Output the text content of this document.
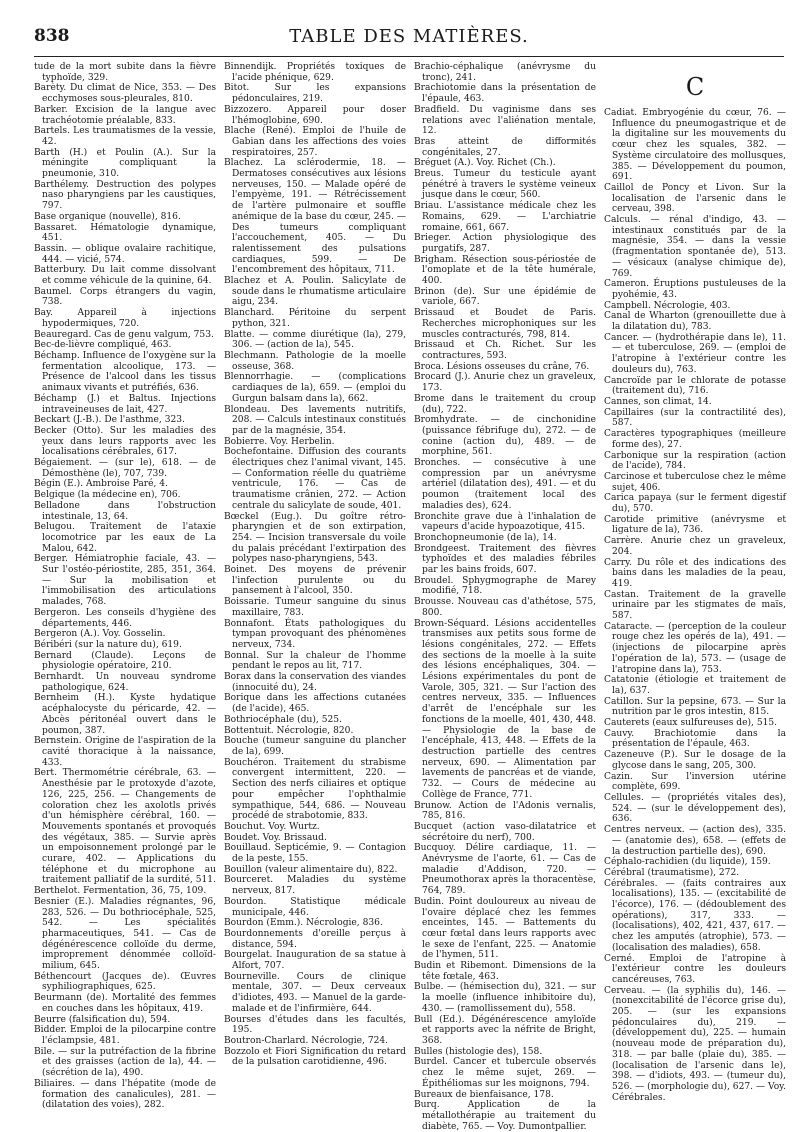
838	TABLE DES MATIÈRES.

tude de la mort subite dans la fièvre typhoïde, 329.

Barèty. Du climat de Nice, 353. — Des ecchymoses sous-pleurales, 810.

Barker. Excision de la langue avec trachéotomie préalable, 833.

Bartels. Les traumatismes de la vessie, 42.

Barth (H.) et Poulin (A.). Sur la méningite compliquant la pneumonie, 310.

Barthélemy. Destruction des polypes naso pharyngiens par les caustiques, 797.

Base organique (nouvelle), 816.

Bassaret. Hématologie dynamique, 451.

Bassin. — oblique ovalaire rachitique, 444. — vicié, 574.

Batterbury. Du lait comme dissolvant et comme véhicule de la quinine, 64.

Baumel. Corps étrangers du vagin, 738.

Bay. Appareil à injections hypodermiques, 720.

Beauregard. Cas de genu valgum, 753.

Bec-de-lièvre compliqué, 463.

Béchamp. Influence de l'oxygène sur la fermentation alcoolique, 173. — Présence de l'alcool dans les tissus animaux vivants et putréfiés, 636.

Béchamp (J.) et Baltus. Injections intraveineuses de lait, 427.

Beckart (J.-B.). De l'asthme, 323.

Becker (Otto). Sur les maladies des yeux dans leurs rapports avec les localisations cérébrales, 617.

Bégaiement. — (sur le), 618. — de Démosthène (le), 707, 739.

Bégin (E.). Ambroise Paré, 4.

Belgique (la médecine en), 706.

Belladone dans l'obstruction intestinale, 13, 64.

Belugou. Traitement de l'ataxie locomotrice par les eaux de La Malou, 642.

Berger. Hémiatrophie faciale, 43. — Sur l'ostéo-périostite, 285, 351, 364. — Sur la mobilisation et l'immobilisation des articulations malades, 768.

Bergeron. Les conseils d'hygiène des départements, 446.

Bergeron (A.). Voy. Gosselin.

Béribéri (sur la nature du), 619.

Bernard (Claude). Leçons de physiologie opératoire, 210.

Bernhardt. Un nouveau syndrome pathologique, 624.

Bernheim (H.). Kyste hydatique acéphalocyste du péricarde, 42. — Abcès péritonéal ouvert dans le poumon, 387.

Bernstein. Origine de l'aspiration de la cavité thoracique à la naissance, 433.

Bert. Thermométrie cérébrale, 63. — Anesthésie par le protoxyde d'azote, 126, 225, 256. — Changements de coloration chez les axolotls privés d'un hémisphère cérébral, 160. — Mouvements spontanés et provoqués des végétaux, 385. — Survie après un empoisonnement prolongé par le curare, 402. — Applications du téléphone et du microphone au traitement palliatif de la surdité, 511.

Berthelot. Fermentation, 36, 75, 109.

Besnier (E.). Maladies régnantes, 96, 283, 526. — Du bothriocéphale, 525, 542. — Les spécialités pharmaceutiques, 541. — Cas de dégénérescence colloïde du derme, improprement dénommée colloïd-milium, 645.

Béthencourt (Jacques de). Œuvres syphiliographiques, 625.

Beurmann (de). Mortalité des femmes en couches dans les hôpitaux, 419.

Beurre (falsification du), 594.

Bidder. Emploi de la pilocarpine contre l'éclampsie, 481.

Bile. — sur la putréfaction de la fibrine et des graisses (action de la), 44. — (sécrétion de la), 490.

Biliaires. — dans l'hépatite (mode de formation des canalicules), 281. — (dilatation des voies), 282.

Binnendijk. Propriétés toxiques de l'acide phénique, 629.

Bitot. Sur les expansions pédonculaires, 219.

Bizzozero. Appareil pour doser l'hémoglobine, 690.

Blache (René). Emploi de l'huile de Gabian dans les affections des voies respiratoires, 257.

Blachez. La sclérodermie, 18. — Dermatoses consécutives aux lésions nerveuses, 150. — Malade opéré de l'empyème, 191. — Rétrécissement de l'artère pulmonaire et souffle anémique de la base du cœur, 245. — Des tumeurs compliquant l'accouchement, 405. — Du ralentissement des pulsations cardiaques, 599. — De l'encombrement des hôpitaux, 711.

Blachez et A. Poulin. Salicylate de soude dans le rhumatisme articulaire aigu, 234.

Blanchard. Péritoine du serpent python, 321.

Blatte. — comme diurétique (la), 279, 306. — (action de la), 545.

Blechmann. Pathologie de la moelle osseuse, 368.

Blennorrhagie. — (complications cardiaques de la), 659. — (emploi du Gurgun balsam dans la), 662.

Blondeau. Des lavements nutritifs, 208. — Calculs intestinaux constitués par de la magnésie, 354.

Bobierre. Voy. Herbelin.

Bochefontaine. Diffusion des courants électriques chez l'animal vivant, 145. — Conformation réelle du quatrième ventricule, 176. — Cas de traumatisme crânien, 272. — Action centrale du salicylate de soude, 401.

Bœckel (Eug.). Du goître rétro-pharyngien et de son extirpation, 254. — Incision transversale du voile du palais précédant l'extirpation des polypes naso-pharyngiens, 543.

Boinet. Des moyens de prévenir l'infection purulente ou du pansement à l'alcool, 350.

Boissarie. Tumeur sanguine du sinus maxillaire, 783.

Bonnafont. États pathologiques du tympan provoquant des phénomènes nerveux, 734.

Bonnal. Sur la chaleur de l'homme pendant le repos au lit, 717.

Borax dans la conservation des viandes (innocuité du), 24.

Borique dans les affections cutanées (de l'acide), 465.

Bothriocéphale (du), 525.

Bottentuit. Nécrologie, 820.

Bouche (tumeur sanguine du plancher de la), 699.

Bouchéron. Traitement du strabisme convergent intermittent, 220. — Section des nerfs ciliaires et optique pour empêcher l'ophthalmie sympathique, 544, 686. — Nouveau procédé de strabotomie, 833.

Bouchut. Voy. Wurtz.

Boudet. Voy. Brissaud.

Bouillaud. Septicémie, 9. — Contagion de la peste, 155.

Bouillon (valeur alimentaire du), 822.

Bourceret. Maladies du système nerveux, 817.

Bourdon. Statistique médicale municipale, 446.

Bourdon (Emm.). Nécrologie, 836.

Bourdonnements d'oreille perçus à distance, 594.

Bourgelat. Inauguration de sa statue à Alfort, 707.

Bourneville. Cours de clinique mentale, 307. — Deux cerveaux d'idiotes, 493. — Manuel de la garde-malade et de l'infirmière, 644.

Bourses d'études dans les facultés, 195.

Boutron-Charlard. Nécrologie, 724.

Bozzolo et Fiori Signification du retard de la pulsation carotidienne, 496.

Brachio-céphalique (anévrysme du tronc), 241.

Brachiotomie dans la présentation de l'épaule, 463.

Bradfield. Du vaginisme dans ses relations avec l'aliénation mentale, 12.

Bras atteint de difformités congénitales, 27.

Bréguet (A.). Voy. Richet (Ch.).

Breus. Tumeur du testicule ayant pénétré à travers le système veineux jusque dans le cœur, 560.

Briau. L'assistance médicale chez les Romains, 629. — L'archiatrie romaine, 661, 667.

Brieger. Action physiologique des purgatifs, 287.

Brigham. Résection sous-périostée de l'omoplate et de la tête humérale, 400.

Brinon (de). Sur une épidémie de variole, 667.

Brissaud et Boudet de Paris. Recherches microphoniques sur les muscles contracturés, 798, 814.

Brissaud et Ch. Richet. Sur les contractures, 593.

Broca. Lésions osseuses du crâne, 76.

Brocard (J.). Anurie chez un graveleux, 173.

Brome dans le traitement du croup (du), 722.

Bromhydrate. — de cinchonidine (puissance fébrifuge du), 272. — de conine (action du), 489. — de morphine, 561.

Bronches. — consécutive à une compression par un anévrysme artériel (dilatation des), 491. — et du poumon (traitement local des maladies des), 624.

Bronchite grave due à l'inhalation de vapeurs d'acide hypoazotique, 415.

Bronchopneumonie (de la), 14.

Brondgeest. Traitement des fièvres typhoïdes et des maladies fébriles par les bains froids, 607.

Broudel. Sphygmographe de Marey modifié, 718.

Brousse. Nouveau cas d'athétose, 575, 800.

Brown-Séquard. Lésions accidentelles transmises aux petits sous forme de lésions congénitales, 272. — Effets des sections de la moelle à la suite des lésions encéphaliques, 304. — Lésions expérimentales du pont de Varole, 305, 321. — Sur l'action des centres nerveux, 335. — Influences d'arrêt de l'encéphale sur les fonctions de la moelle, 401, 430, 448. — Physiologie de la base de l'encéphale, 413, 448. — Effets de la destruction partielle des centres nerveux, 690. — Alimentation par lavements de pancréas et de viande, 732. — Cours de médecine au Collège de France, 771.

Brunow. Action de l'Adonis vernalis, 785, 816.

Bucquet (action vaso-dilatatrice et sécrétoire du nerf), 700.

Bucquoy. Délire cardiaque, 11. — Anévrysme de l'aorte, 61. — Cas de maladie d'Addison, 720. — Pneumothorax après la thoracentèse, 764, 789.

Budin. Point douloureux au niveau de l'ovaire déplacé chez les femmes enceintes, 145. — Battements du cœur fœtal dans leurs rapports avec le sexe de l'enfant, 225. — Anatomie de l'hymen, 511.

Budin et Ribemont. Dimensions de la tête fœtale, 463.

Bulbe. — (hémisection du), 321. — sur la moelle (influence inhibitoire du), 430. — (ramollissement du), 558.

Bull (Ed.). Dégénérescence amyloïde et rapports avec la néfrite de Bright, 368.

Bulles (histologie des), 158.

Burdel. Cancer et tubercule observés chez le même sujet, 269. — Épithéliomas sur les moignons, 794.

Bureaux de bienfaisance, 178.

Burq. Application de la métallothérapie au traitement du diabète, 765. — Voy. Dumontpallier.

C

Cadiat. Embryogénie du cœur, 76. — Influence du pneumogastrique et de la digitaline sur les mouvements du cœur chez les squales, 382. — Système circulatoire des mollusques, 385. — Développement du poumon, 691.

Caillol de Poncy et Livon. Sur la localisation de l'arsenic dans le cerveau, 398.

Calculs. — rénal d'indigo, 43. — intestinaux constitués par de la magnésie, 354. — dans la vessie (fragmentation spontanée de), 513. — vésicaux (analyse chimique de), 769.

Cameron. Éruptions pustuleuses de la pyohémie, 43.

Campbell. Nécrologie, 403.

Canal de Wharton (grenouillette due à la dilatation du), 783.

Cancer. — (hydrothérapie dans le), 11. — et tuberculose, 269. — (emploi de l'atropine à l'extérieur contre les douleurs du), 763.

Cancroïde par le chlorate de potasse (traitement du), 716.

Cannes, son climat, 14.

Capillaires (sur la contractilité des), 587.

Caractères typographiques (meilleure forme des), 27.

Carbonique sur la respiration (action de l'acide), 784.

Carcinose et tuberculose chez le même sujet, 406.

Carica papaya (sur le ferment digestif du), 570.

Carotide primitive (anévrysme et ligature de la), 736.

Carrère. Anurie chez un graveleux, 204.

Carry. Du rôle et des indications des bains dans les maladies de la peau, 419.

Castan. Traitement de la gravelle urinaire par les stigmates de maïs, 587.

Cataracte. — (perception de la couleur rouge chez les opérés de la), 491. — (injections de pilocarpine après l'opération de la), 573. — (usage de l'atropine dans la), 753.

Catatonie (étiologie et traitement de la), 637.

Catillon. Sur la pepsine, 673. — Sur la nutrition par le gros intestin, 815.

Cauterets (eaux sulfureuses de), 515.

Cauvy. Brachiotomie dans la présentation de l'épaule, 463.

Cazeneuve (P.). Sur le dosage de la glycose dans le sang, 205, 300.

Cazin. Sur l'inversion utérine complète, 699.

Cellules. — (propriétés vitales des), 524. — (sur le développement des), 636.

Centres nerveux. — (action des), 335. — (anatomie des), 658. — (effets de la destruction partielle des), 690.

Céphalo-rachidien (du liquide), 159.

Cérébral (traumatisme), 272.

Cérébrales. — (faits contraires aux localisations), 135. — (excitabilité de l'écorce), 176. — (dédoublement des opérations), 317, 333. — (localisations), 402, 421, 437, 617. — chez les amputés (atrophie), 573. — (localisation des maladies), 658.

Cerné. Emploi de l'atropine à l'extérieur contre les douleurs cancéreuses, 763.

Cerveau. — (la syphilis du), 146. — (nonexcitabilité de l'écorce grise du), 205. — (sur les expansions pédonculaires du), 219. — (développement du), 225. — humain (nouveau mode de préparation du), 318. — par balle (plaie du), 385. — (localisation de l'arsenic dans le), 398. — d'idiots, 493. — (tumeur du), 526. — (morphologie du), 627. — Voy. Cérébrales.
